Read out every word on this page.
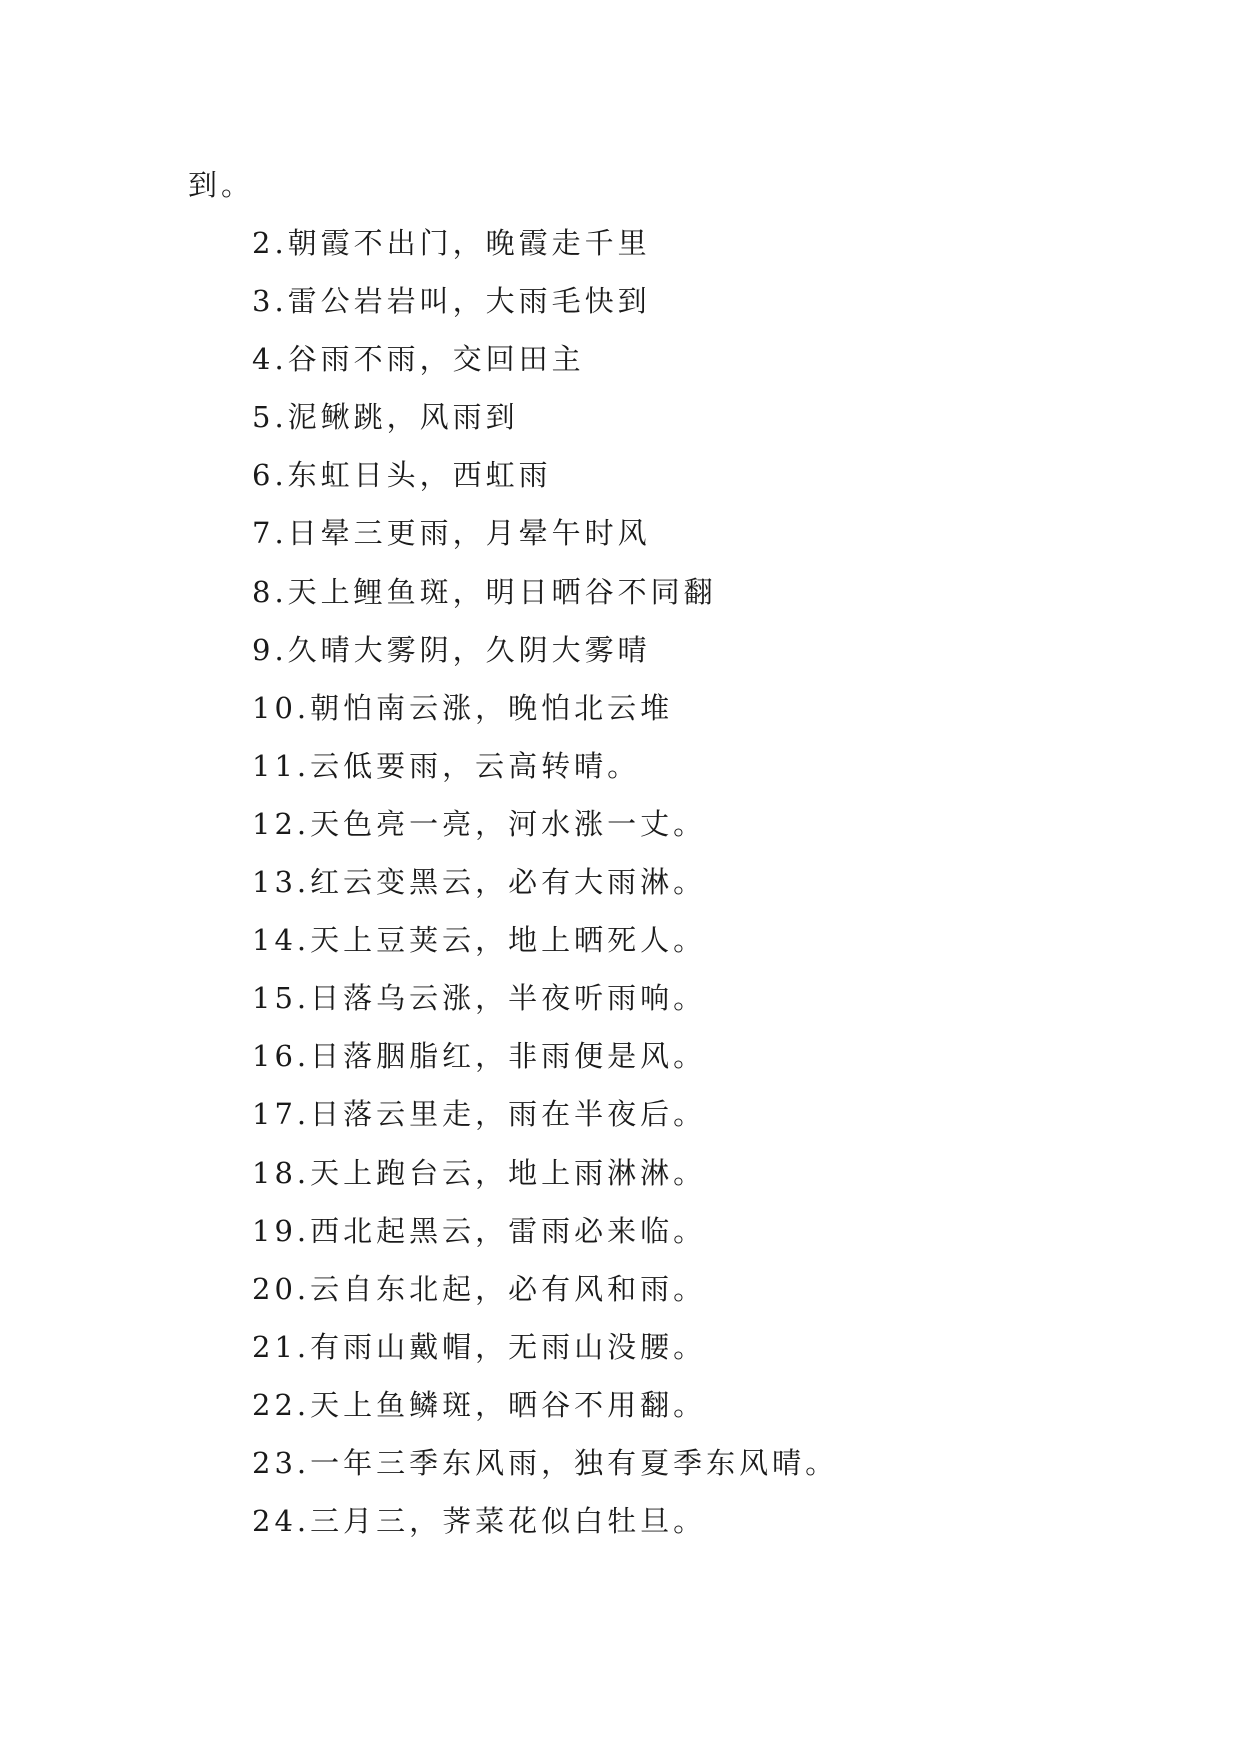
到。
2.朝霞不出门，晚霞走千里
3.雷公岩岩叫，大雨毛快到
4.谷雨不雨，交回田主
5.泥鳅跳，风雨到
6.东虹日头，西虹雨
7.日晕三更雨，月晕午时风
8.天上鲤鱼斑，明日晒谷不同翻
9.久晴大雾阴，久阴大雾晴
10.朝怕南云涨，晚怕北云堆
11.云低要雨，云高转晴。
12.天色亮一亮，河水涨一丈。
13.红云变黑云，必有大雨淋。
14.天上豆荚云，地上晒死人。
15.日落乌云涨，半夜听雨响。
16.日落胭脂红，非雨便是风。
17.日落云里走，雨在半夜后。
18.天上跑台云，地上雨淋淋。
19.西北起黑云，雷雨必来临。
20.云自东北起，必有风和雨。
21.有雨山戴帽，无雨山没腰。
22.天上鱼鳞斑，晒谷不用翻。
23.一年三季东风雨，独有夏季东风晴。
24.三月三，荠菜花似白牡旦。
